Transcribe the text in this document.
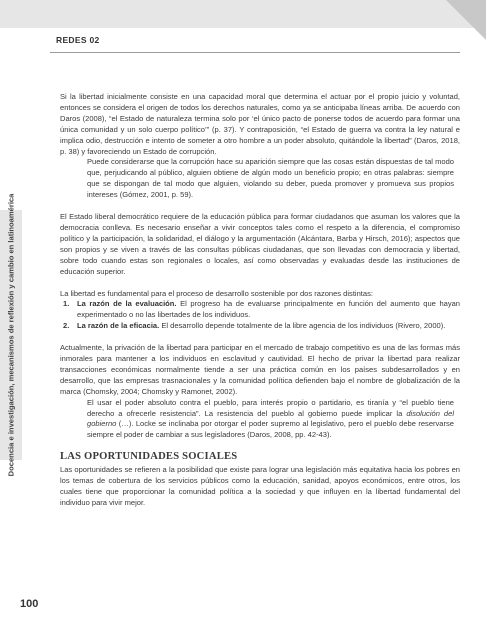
REDES 02
Docencia e investigación, mecanismos de reflexión y cambio en latinoamérica

Si la libertad inicialmente consiste en una capacidad moral que determina el actuar por el propio juicio y voluntad, entonces se considera el origen de todos los derechos naturales, como ya se anticipaba líneas arriba. De acuerdo con Daros (2008), “el Estado de naturaleza termina solo por ‘el único pacto de ponerse todos de acuerdo para formar una única comunidad y un solo cuerpo político’” (p. 37). Y contraposición, “el Estado de guerra va contra la ley natural e implica odio, destrucción e intento de someter a otro hombre a un poder absoluto, quitándole la libertad” (Daros, 2018, p. 38) y favoreciendo un Estado de corrupción.

Puede considerarse que la corrupción hace su aparición siempre que las cosas están dispuestas de tal modo que, perjudicando al público, alguien obtiene de algún modo un beneficio propio; en otras palabras: siempre que se dispongan de tal modo que alguien, violando su deber, pueda promover y promueva sus propios intereses (Gómez, 2001, p. 59).

El Estado liberal democrático requiere de la educación pública para formar ciudadanos que asuman los valores que la democracia conlleva. Es necesario enseñar a vivir conceptos tales como el respeto a la diferencia, el compromiso político y la participación, la solidaridad, el diálogo y la argumentación (Alcántara, Barba y Hirsch, 2016); aspectos que son propios y se viven a través de las consultas públicas ciudadanas, que son llevadas con democracia y libertad, sobre todo cuando estas son regionales o locales, así como observadas y evaluadas desde las instituciones de educación superior.

La libertad es fundamental para el proceso de desarrollo sostenible por dos razones distintas:

1.	La razón de la evaluación. El progreso ha de evaluarse principalmente en función del aumento que hayan experimentado o no las libertades de los individuos.
2.	La razón de la eficacia. El desarrollo depende totalmente de la libre agencia de los individuos (Rivero, 2000).

Actualmente, la privación de la libertad para participar en el mercado de trabajo competitivo es una de las formas más inmorales para mantener a los individuos en esclavitud y cautividad. El hecho de privar la libertad para realizar transacciones económicas normalmente tiende a ser una práctica común en los países subdesarrollados y en desarrollo, que las empresas trasnacionales y la comunidad política defienden bajo el nombre de globalización de la marca (Chomsky, 2004; Chomsky y Ramonet, 2002).

El usar el poder absoluto contra el pueblo, para interés propio o partidario, es tiranía y “el pueblo tiene derecho a ofrecerle resistencia”. La resistencia del pueblo al gobierno puede implicar la disolución del gobierno (…). Locke se inclinaba por otorgar el poder supremo al legislativo, pero el pueblo debe reservarse siempre el poder de cambiar a sus legisladores (Daros, 2008, pp. 42-43).

LAS OPORTUNIDADES SOCIALES

Las oportunidades se refieren a la posibilidad que existe para lograr una legislación más equitativa hacia los pobres en los temas de cobertura de los servicios públicos como la educación, sanidad, apoyos económicos, entre otros, los cuales tiene que proporcionar la comunidad política a la sociedad y que influyen en la libertad fundamental del individuo para vivir mejor.

100
